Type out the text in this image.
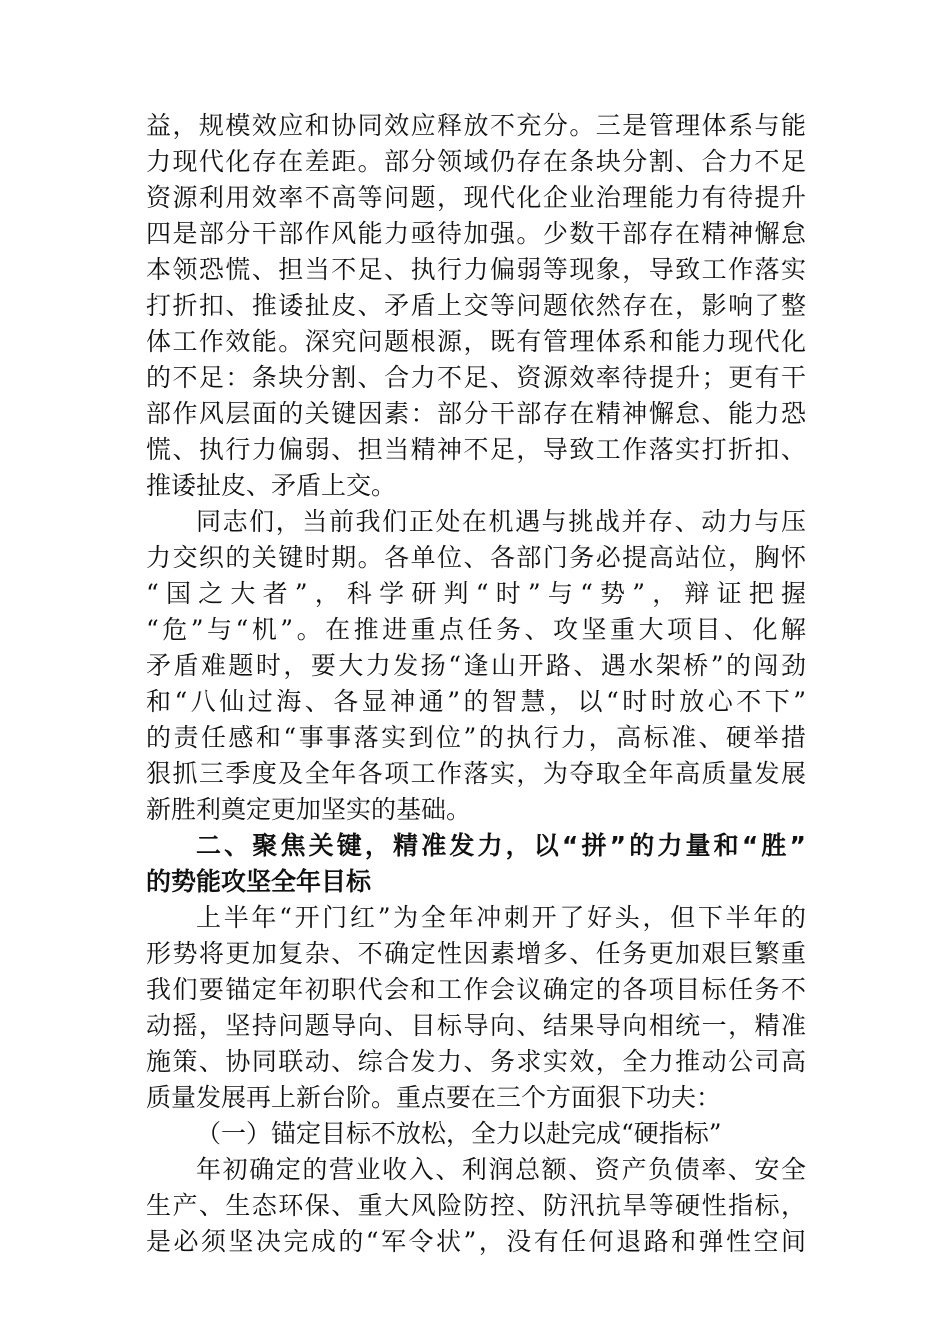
益，规模效应和协同效应释放不充分。三是管理体系与能
力现代化存在差距。部分领域仍存在条块分割、合力不足
资源利用效率不高等问题，现代化企业治理能力有待提升
四是部分干部作风能力亟待加强。少数干部存在精神懈怠
本领恐慌、担当不足、执行力偏弱等现象，导致工作落实
打折扣、推诿扯皮、矛盾上交等问题依然存在，影响了整
体工作效能。深究问题根源，既有管理体系和能力现代化
的不足：条块分割、合力不足、资源效率待提升；更有干
部作风层面的关键因素：部分干部存在精神懈怠、能力恐
慌、执行力偏弱、担当精神不足，导致工作落实打折扣、
推诿扯皮、矛盾上交。
同志们，当前我们正处在机遇与挑战并存、动力与压
力交织的关键时期。各单位、各部门务必提高站位，胸怀
“国之大者”，科学研判“时”与“势”，辩证把握
“危”与“机”。在推进重点任务、攻坚重大项目、化解
矛盾难题时，要大力发扬“逢山开路、遇水架桥”的闯劲
和“八仙过海、各显神通”的智慧，以“时时放心不下”
的责任感和“事事落实到位”的执行力，高标准、硬举措
狠抓三季度及全年各项工作落实，为夺取全年高质量发展
新胜利奠定更加坚实的基础。
二、聚焦关键，精准发力，以“拼”的力量和“胜”
的势能攻坚全年目标
上半年“开门红”为全年冲刺开了好头，但下半年的
形势将更加复杂、不确定性因素增多、任务更加艰巨繁重
我们要锚定年初职代会和工作会议确定的各项目标任务不
动摇，坚持问题导向、目标导向、结果导向相统一，精准
施策、协同联动、综合发力、务求实效，全力推动公司高
质量发展再上新台阶。重点要在三个方面狠下功夫：
（一）锚定目标不放松，全力以赴完成“硬指标”
年初确定的营业收入、利润总额、资产负债率、安全
生产、生态环保、重大风险防控、防汛抗旱等硬性指标，
是必须坚决完成的“军令状”，没有任何退路和弹性空间
